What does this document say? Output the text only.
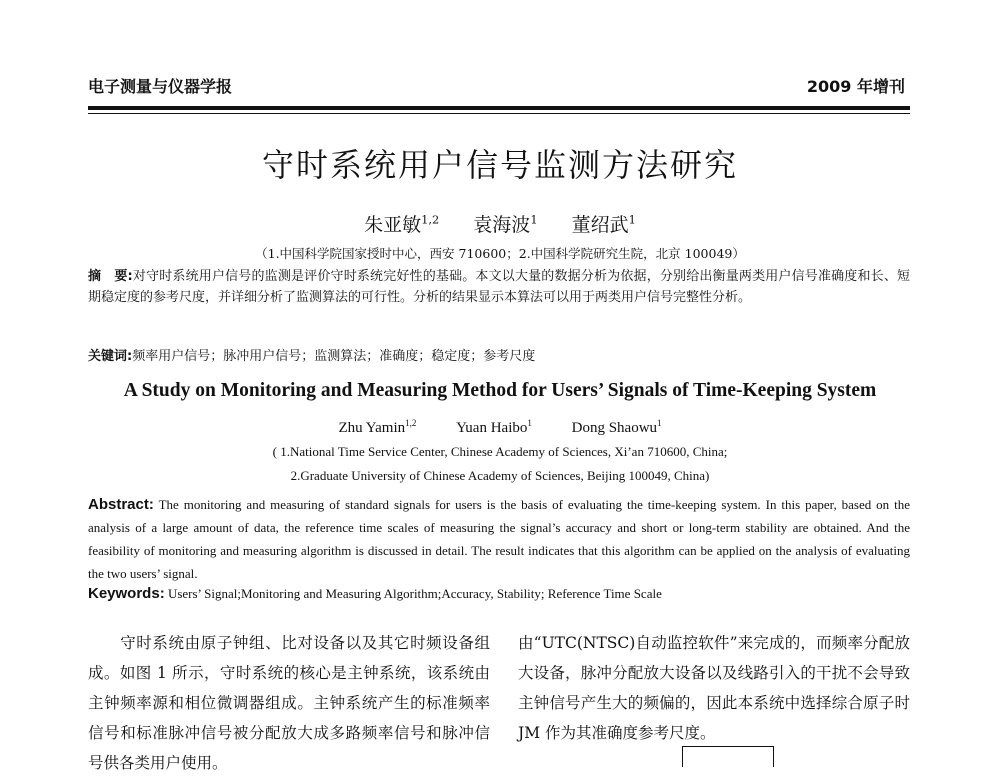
电子测量与仪器学报	2009 年增刊
守时系统用户信号监测方法研究
朱亚敏$^{1,2}$ 袁海波$^1$ 董绍武$^1$
（1.中国科学院国家授时中心，西安 710600；2.中国科学院研究生院，北京 100049）
摘　要:对守时系统用户信号的监测是评价守时系统完好性的基础。本文以大量的数据分析为依据，分别给出衡量两类用户信号准确度和长、短期稳定度的参考尺度，并详细分析了监测算法的可行性。分析的结果显示本算法可以用于两类用户信号完整性分析。
关键词:频率用户信号；脉冲用户信号；监测算法；准确度；稳定度；参考尺度
A Study on Monitoring and Measuring Method for Users’ Signals of Time-Keeping System
Zhu Yamin$^{1,2}$	Yuan Haibo$^1$	Dong Shaowu$^1$
( 1.National Time Service Center, Chinese Academy of Sciences, Xi’an 710600, China;
2.Graduate University of Chinese Academy of Sciences, Beijing 100049, China)
Abstract: The monitoring and measuring of standard signals for users is the basis of evaluating the time-keeping system. In this paper, based on the analysis of a large amount of data, the reference time scales of measuring the signal’s accuracy and short or long-term stability are obtained. And the feasibility of monitoring and measuring algorithm is discussed in detail. The result indicates that this algorithm can be applied on the analysis of evaluating the two users’ signal.
Keywords: Users’ Signal;Monitoring and Measuring Algorithm;Accuracy, Stability; Reference Time Scale
　　守时系统由原子钟组、比对设备以及其它时频设备组成。如图 1 所示，守时系统的核心是主钟系统，该系统由主钟频率源和相位微调器组成。主钟系统产生的标准频率信号和标准脉冲信号被分配放大成多路频率信号和脉冲信号供各类用户使用。
由“UTC(NTSC)自动监控软件”来完成的，而频率分配放大设备，脉冲分配放大设备以及线路引入的干扰不会导致主钟信号产生大的频偏的，因此本系统中选择综合原子时 JM 作为其准确度参考尺度。
